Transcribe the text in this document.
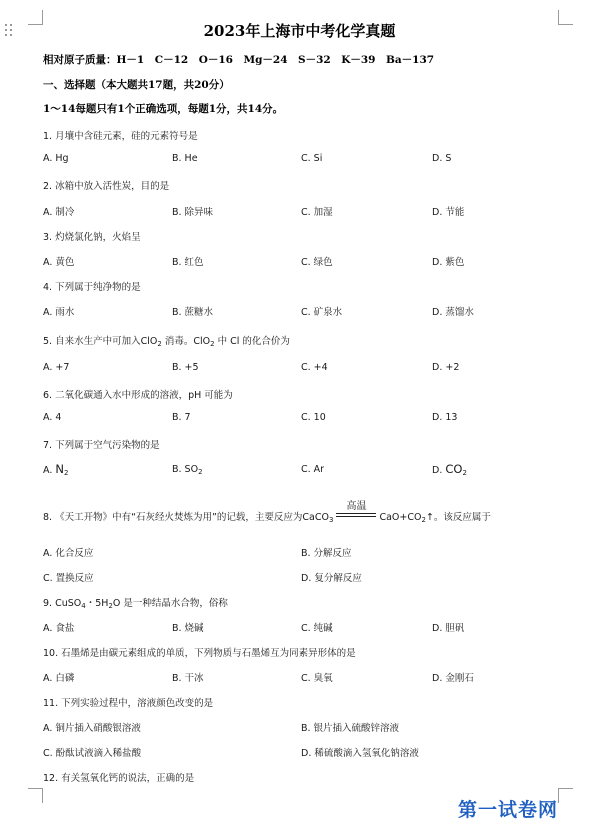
2023年上海市中考化学真题
相对原子质量：H－1　C－12　O－16　Mg－24　S－32　K－39　Ba－137
一、选择题（本大题共17题，共20分）
1～14每题只有1个正确选项，每题1分，共14分。
1. 月壤中含硅元素，硅的元素符号是
A. Hg	B. He	C. Si	D. S
2. 冰箱中放入活性炭，目的是
A. 制冷	B. 除异味	C. 加湿	D. 节能
3. 灼烧氯化钠，火焰呈
A. 黄色	B. 红色	C. 绿色	D. 紫色
4. 下列属于纯净物的是
A. 雨水	B. 蔗糖水	C. 矿泉水	D. 蒸馏水
5. 自来水生产中可加入ClO$_2$ 消毒。ClO$_2$ 中 Cl 的化合价为
A. +7	B. +5	C. +4	D. +2
6. 二氧化碳通入水中形成的溶液，pH 可能为
A. 4	B. 7	C. 10	D. 13
7. 下列属于空气污染物的是
A. $N_2$	B. $SO_2$	C. Ar	D. $CO_2$
8. 《天工开物》中有“石灰经火焚炼为用”的记载，主要反应为CaCO$_3$
高温
$CaO+CO_2↑$。该反应属于
A. 化合反应	B. 分解反应
C. 置换反应	D. 复分解反应
9. CuSO$_4$・$5H_2O$ 是一种结晶水合物，俗称
A. 食盐	B. 烧碱	C. 纯碱	D. 胆矾
10. 石墨烯是由碳元素组成的单质，下列物质与石墨烯互为同素异形体的是
A. 白磷	B. 干冰	C. 臭氧	D. 金刚石
11. 下列实验过程中，溶液颜色改变的是
A. 铜片插入硝酸银溶液	B. 银片插入硫酸锌溶液
C. 酚酞试液滴入稀盐酸	D. 稀硫酸滴入氢氧化钠溶液
12. 有关氢氧化钙的说法，正确的是
第一试卷网
